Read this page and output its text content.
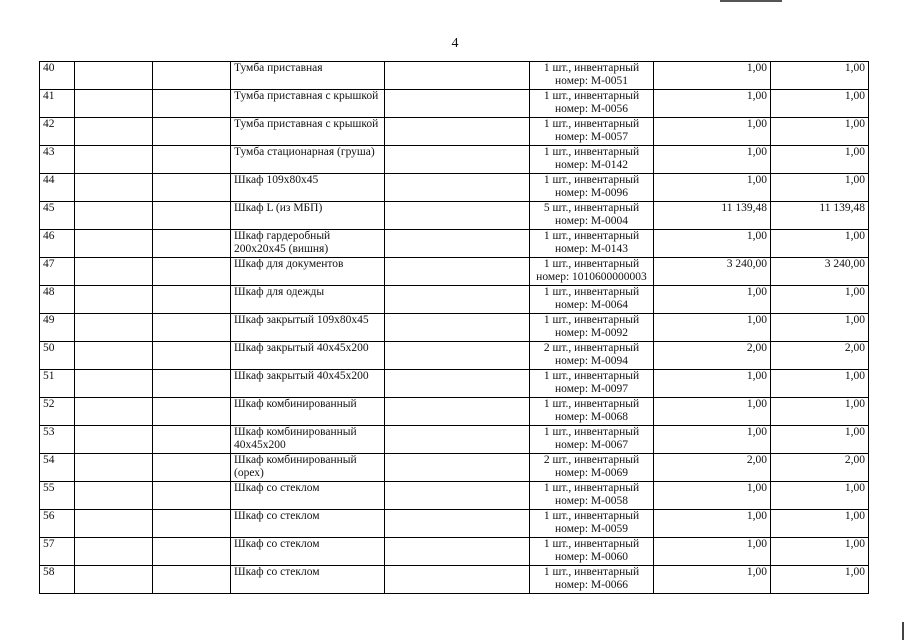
4
40			Тумба приставная		1 шт., инвентарный
номер: М-0051	1,00	1,00
41			Тумба приставная с крышкой		1 шт., инвентарный
номер: М-0056	1,00	1,00
42			Тумба приставная с крышкой		1 шт., инвентарный
номер: М-0057	1,00	1,00
43			Тумба стационарная (груша)		1 шт., инвентарный
номер: М-0142	1,00	1,00
44			Шкаф 109х80х45		1 шт., инвентарный
номер: М-0096	1,00	1,00
45			Шкаф L (из МБП)		5 шт., инвентарный
номер: М-0004	11 139,48	11 139,48
46			Шкаф гардеробный 200х20х45 (вишня)		1 шт., инвентарный
номер: М-0143	1,00	1,00
47			Шкаф для документов		1 шт., инвентарный
номер: 1010600000003	3 240,00	3 240,00
48			Шкаф для одежды		1 шт., инвентарный
номер: М-0064	1,00	1,00
49			Шкаф закрытый 109х80х45		1 шт., инвентарный
номер: М-0092	1,00	1,00
50			Шкаф закрытый 40х45х200		2 шт., инвентарный
номер: М-0094	2,00	2,00
51			Шкаф закрытый 40х45х200		1 шт., инвентарный
номер: М-0097	1,00	1,00
52			Шкаф комбинированный		1 шт., инвентарный
номер: М-0068	1,00	1,00
53			Шкаф комбинированный 40х45х200		1 шт., инвентарный
номер: М-0067	1,00	1,00
54			Шкаф комбинированный (орех)		2 шт., инвентарный
номер: М-0069	2,00	2,00
55			Шкаф со стеклом		1 шт., инвентарный
номер: М-0058	1,00	1,00
56			Шкаф со стеклом		1 шт., инвентарный
номер: М-0059	1,00	1,00
57			Шкаф со стеклом		1 шт., инвентарный
номер: М-0060	1,00	1,00
58			Шкаф со стеклом		1 шт., инвентарный
номер: М-0066	1,00	1,00
